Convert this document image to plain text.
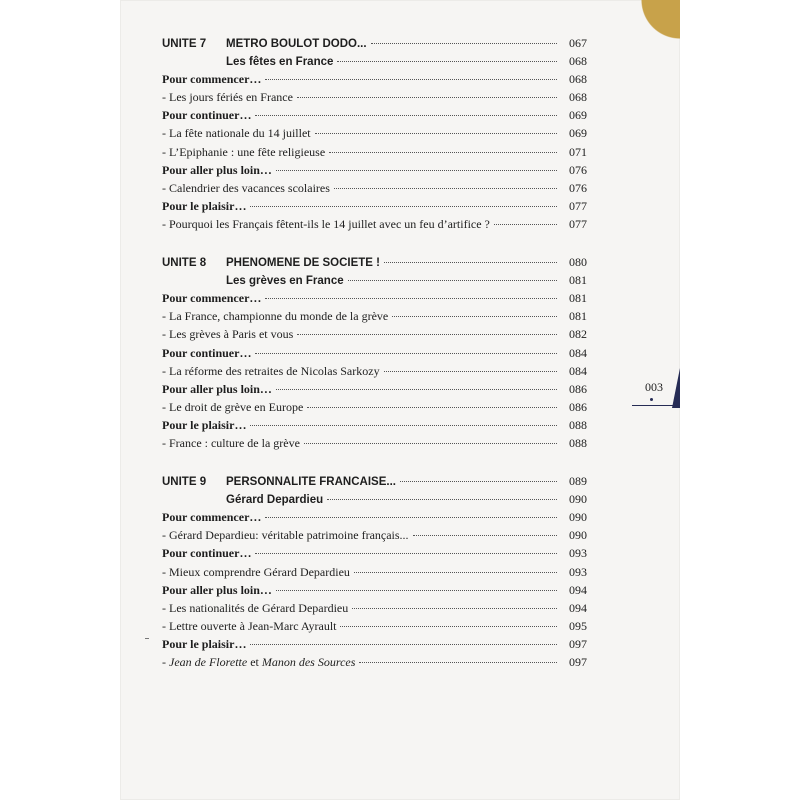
003
UNITE 7 METRO BOULOT DODO...	067
Les fêtes en France	068
Pour commencer…	068
- Les jours fériés en France	068
Pour continuer…	069
- La fête nationale du 14 juillet	069
- L’Epiphanie : une fête religieuse	071
Pour aller plus loin…	076
- Calendrier des vacances scolaires	076
Pour le plaisir…	077
- Pourquoi les Français fêtent-ils le 14 juillet avec un feu d’artifice ?	077
UNITE 8 PHENOMENE DE SOCIETE !	080
Les grèves en France	081
Pour commencer…	081
- La France, championne du monde de la grève	081
- Les grèves à Paris et vous	082
Pour continuer…	084
- La réforme des retraites de Nicolas Sarkozy	084
Pour aller plus loin…	086
- Le droit de grève en Europe	086
Pour le plaisir…	088
- France : culture de la grève	088
UNITE 9 PERSONNALITE FRANCAISE...	089
Gérard Depardieu	090
Pour commencer…	090
- Gérard Depardieu: véritable patrimoine français...	090
Pour continuer…	093
- Mieux comprendre Gérard Depardieu	093
Pour aller plus loin…	094
- Les nationalités de Gérard Depardieu	094
- Lettre ouverte à Jean-Marc Ayrault	095
Pour le plaisir…	097
- Jean de Florette et Manon des Sources	097
